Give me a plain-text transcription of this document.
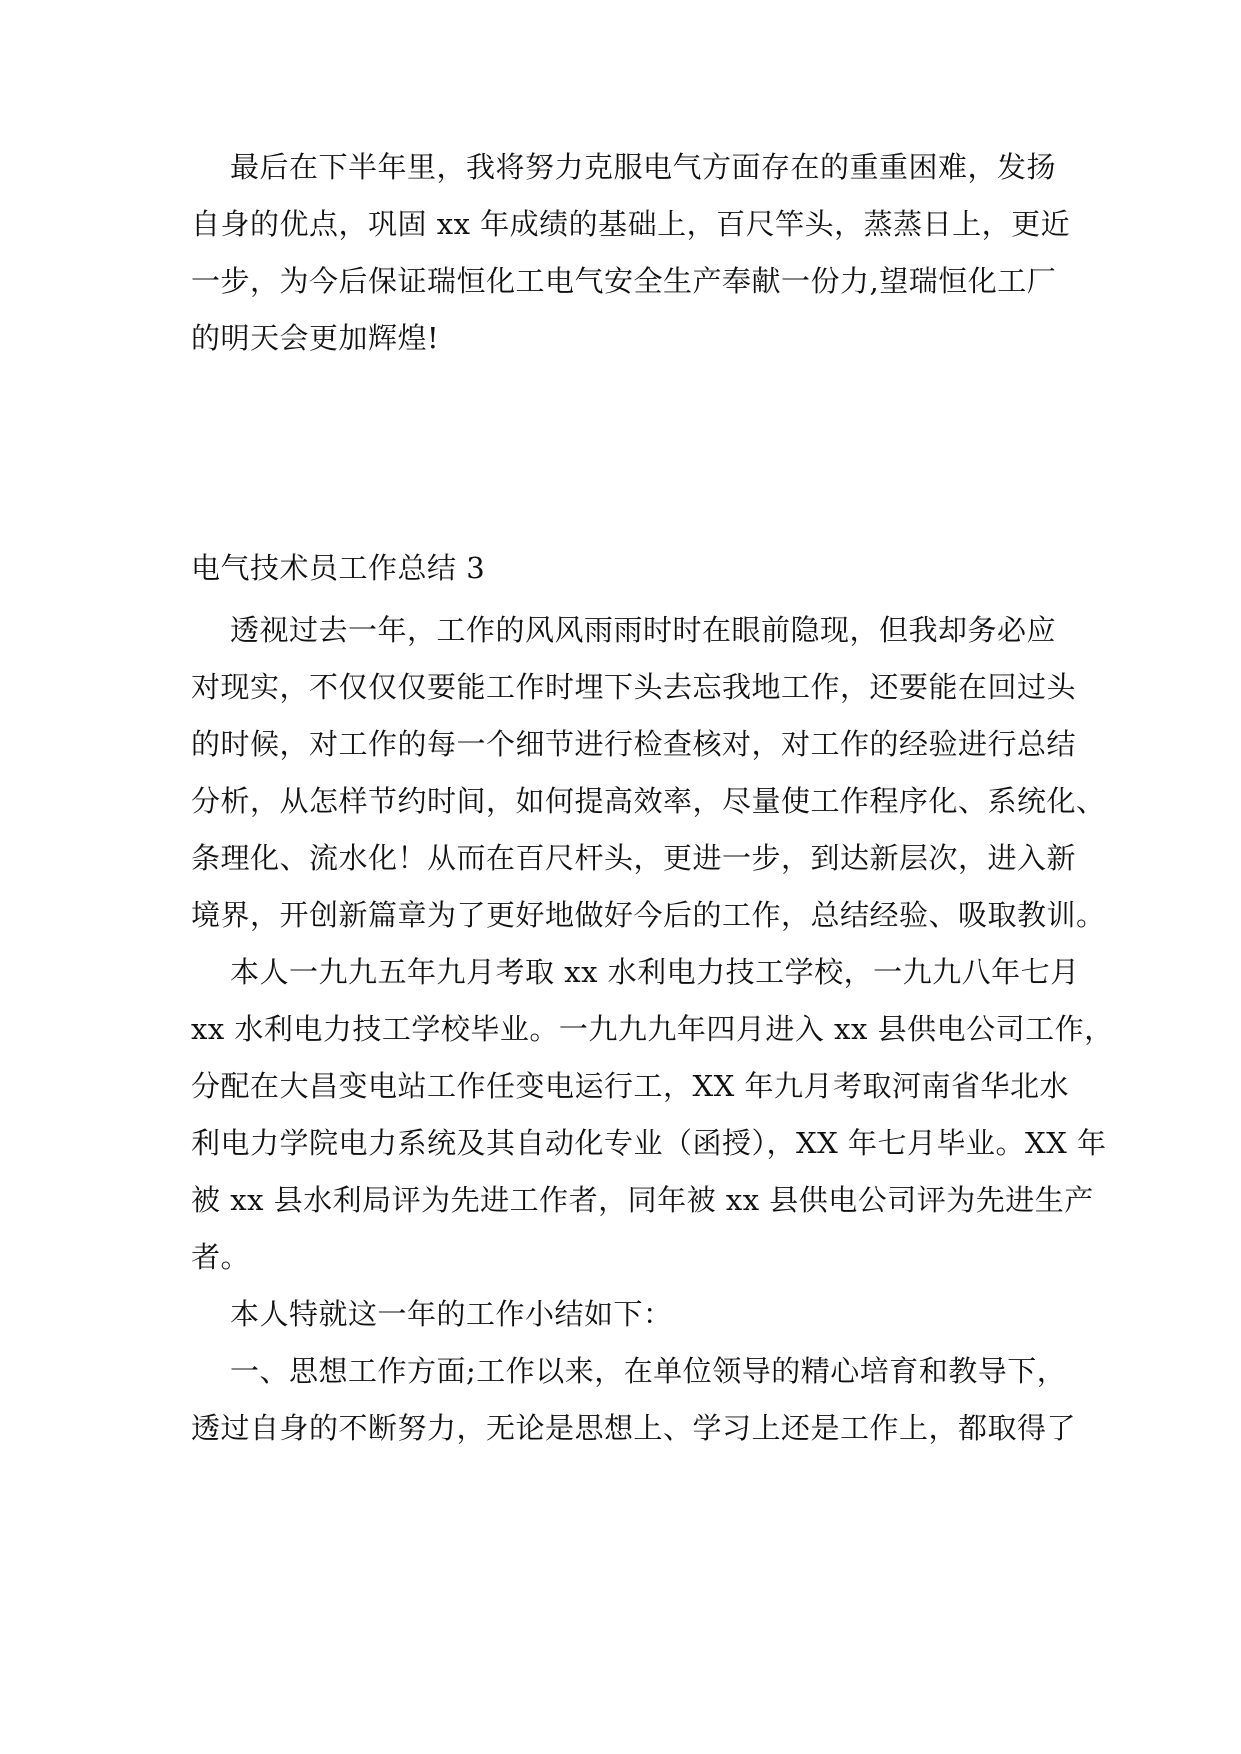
最后在下半年里，我将努力克服电气方面存在的重重困难，发扬
自身的优点，巩固 xx 年成绩的基础上，百尺竿头，蒸蒸日上，更近
一步，为今后保证瑞恒化工电气安全生产奉献一份力,望瑞恒化工厂
的明天会更加辉煌!
电气技术员工作总结 3
透视过去一年，工作的风风雨雨时时在眼前隐现，但我却务必应
对现实，不仅仅仅要能工作时埋下头去忘我地工作，还要能在回过头
的时候，对工作的每一个细节进行检查核对，对工作的经验进行总结
分析，从怎样节约时间，如何提高效率，尽量使工作程序化、系统化、
条理化、流水化！从而在百尺杆头，更进一步，到达新层次，进入新
境界，开创新篇章为了更好地做好今后的工作，总结经验、吸取教训。
本人一九九五年九月考取 xx 水利电力技工学校，一九九八年七月
xx 水利电力技工学校毕业。一九九九年四月进入 xx 县供电公司工作，
分配在大昌变电站工作任变电运行工，XX 年九月考取河南省华北水
利电力学院电力系统及其自动化专业（函授），XX 年七月毕业。XX 年
被 xx 县水利局评为先进工作者，同年被 xx 县供电公司评为先进生产
者。
本人特就这一年的工作小结如下：
一、思想工作方面;工作以来，在单位领导的精心培育和教导下，
透过自身的不断努力，无论是思想上、学习上还是工作上，都取得了
